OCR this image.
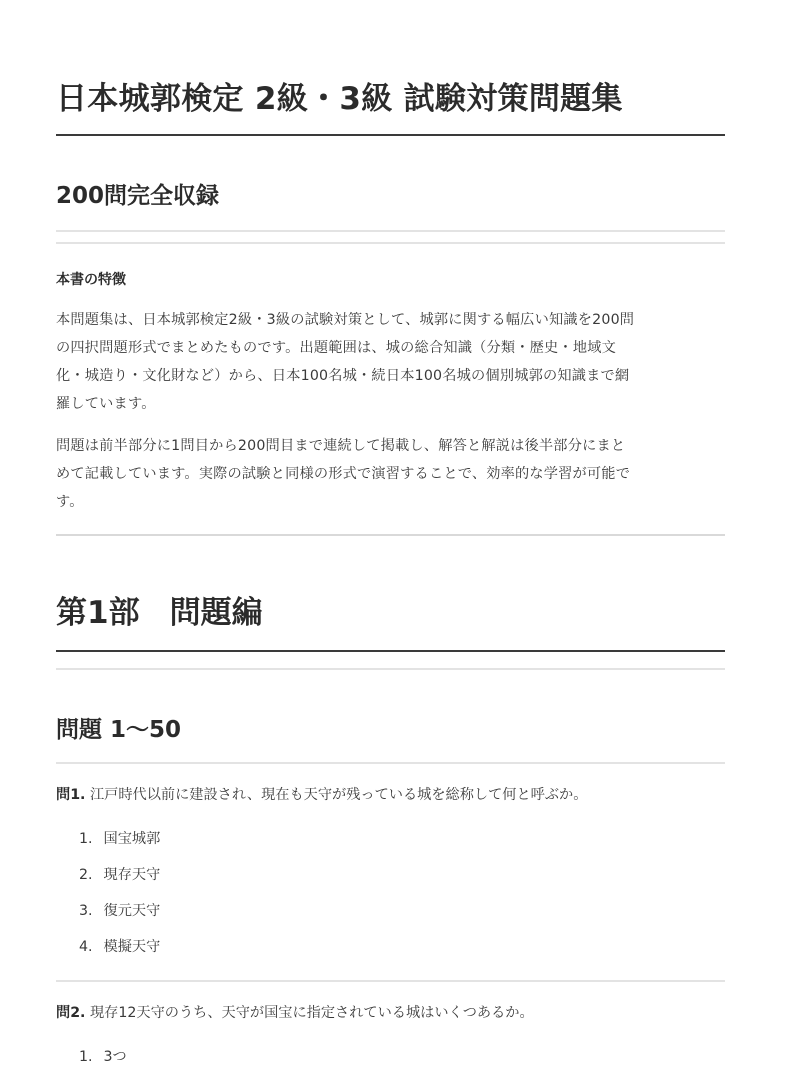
日本城郭検定 2級・3級 試験対策問題集
200問完全収録
本書の特徴

本問題集は、日本城郭検定2級・3級の試験対策として、城郭に関する幅広い知識を200問
の四択問題形式でまとめたものです。出題範囲は、城の総合知識（分類・歴史・地域文
化・城造り・文化財など）から、日本100名城・続日本100名城の個別城郭の知識まで網
羅しています。

問題は前半部分に1問目から200問目まで連続して掲載し、解答と解説は後半部分にまと
めて記載しています。実際の試験と同様の形式で演習することで、効率的な学習が可能で
す。

第1部 問題編
問題 1〜50

問1. 江戸時代以前に建設され、現在も天守が残っている城を総称して何と呼ぶか。

1. 国宝城郭
2. 現存天守
3. 復元天守
4. 模擬天守

問2. 現存12天守のうち、天守が国宝に指定されている城はいくつあるか。

1. 3つ
